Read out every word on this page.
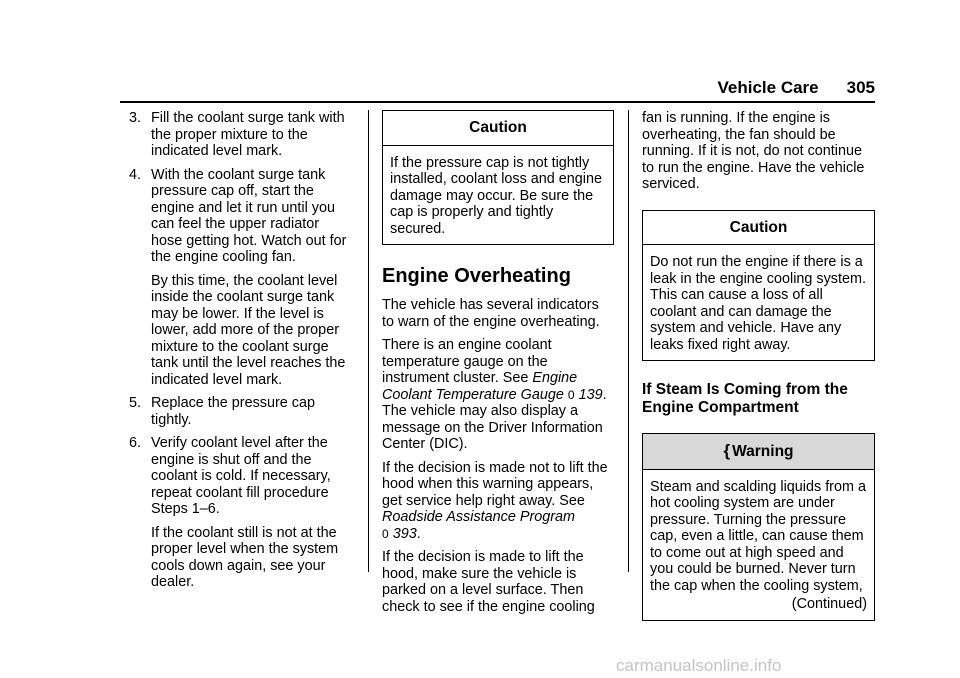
Vehicle Care 305
3. Fill the coolant surge tank with the proper mixture to the indicated level mark.
4. With the coolant surge tank pressure cap off, start the engine and let it run until you can feel the upper radiator hose getting hot. Watch out for the engine cooling fan.
By this time, the coolant level inside the coolant surge tank may be lower. If the level is lower, add more of the proper mixture to the coolant surge tank until the level reaches the indicated level mark.
5. Replace the pressure cap tightly.
6. Verify coolant level after the engine is shut off and the coolant is cold. If necessary, repeat coolant fill procedure Steps 1–6.
If the coolant still is not at the proper level when the system cools down again, see your dealer.
Caution
If the pressure cap is not tightly installed, coolant loss and engine damage may occur. Be sure the cap is properly and tightly secured.
Engine Overheating

The vehicle has several indicators to warn of the engine overheating.

There is an engine coolant temperature gauge on the instrument cluster. See Engine Coolant Temperature Gauge 0 139. The vehicle may also display a message on the Driver Information Center (DIC).

If the decision is made not to lift the hood when this warning appears, get service help right away. See Roadside Assistance Program
0 393.

If the decision is made to lift the hood, make sure the vehicle is parked on a level surface. Then check to see if the engine cooling

fan is running. If the engine is overheating, the fan should be running. If it is not, do not continue to run the engine. Have the vehicle serviced.

Caution
Do not run the engine if there is a leak in the engine cooling system. This can cause a loss of all coolant and can damage the system and vehicle. Have any leaks fixed right away.
If Steam Is Coming from the Engine Compartment
{ Warning
Steam and scalding liquids from a hot cooling system are under pressure. Turning the pressure cap, even a little, can cause them to come out at high speed and you could be burned. Never turn the cap when the cooling system,
(Continued)
carmanualsonline.info
